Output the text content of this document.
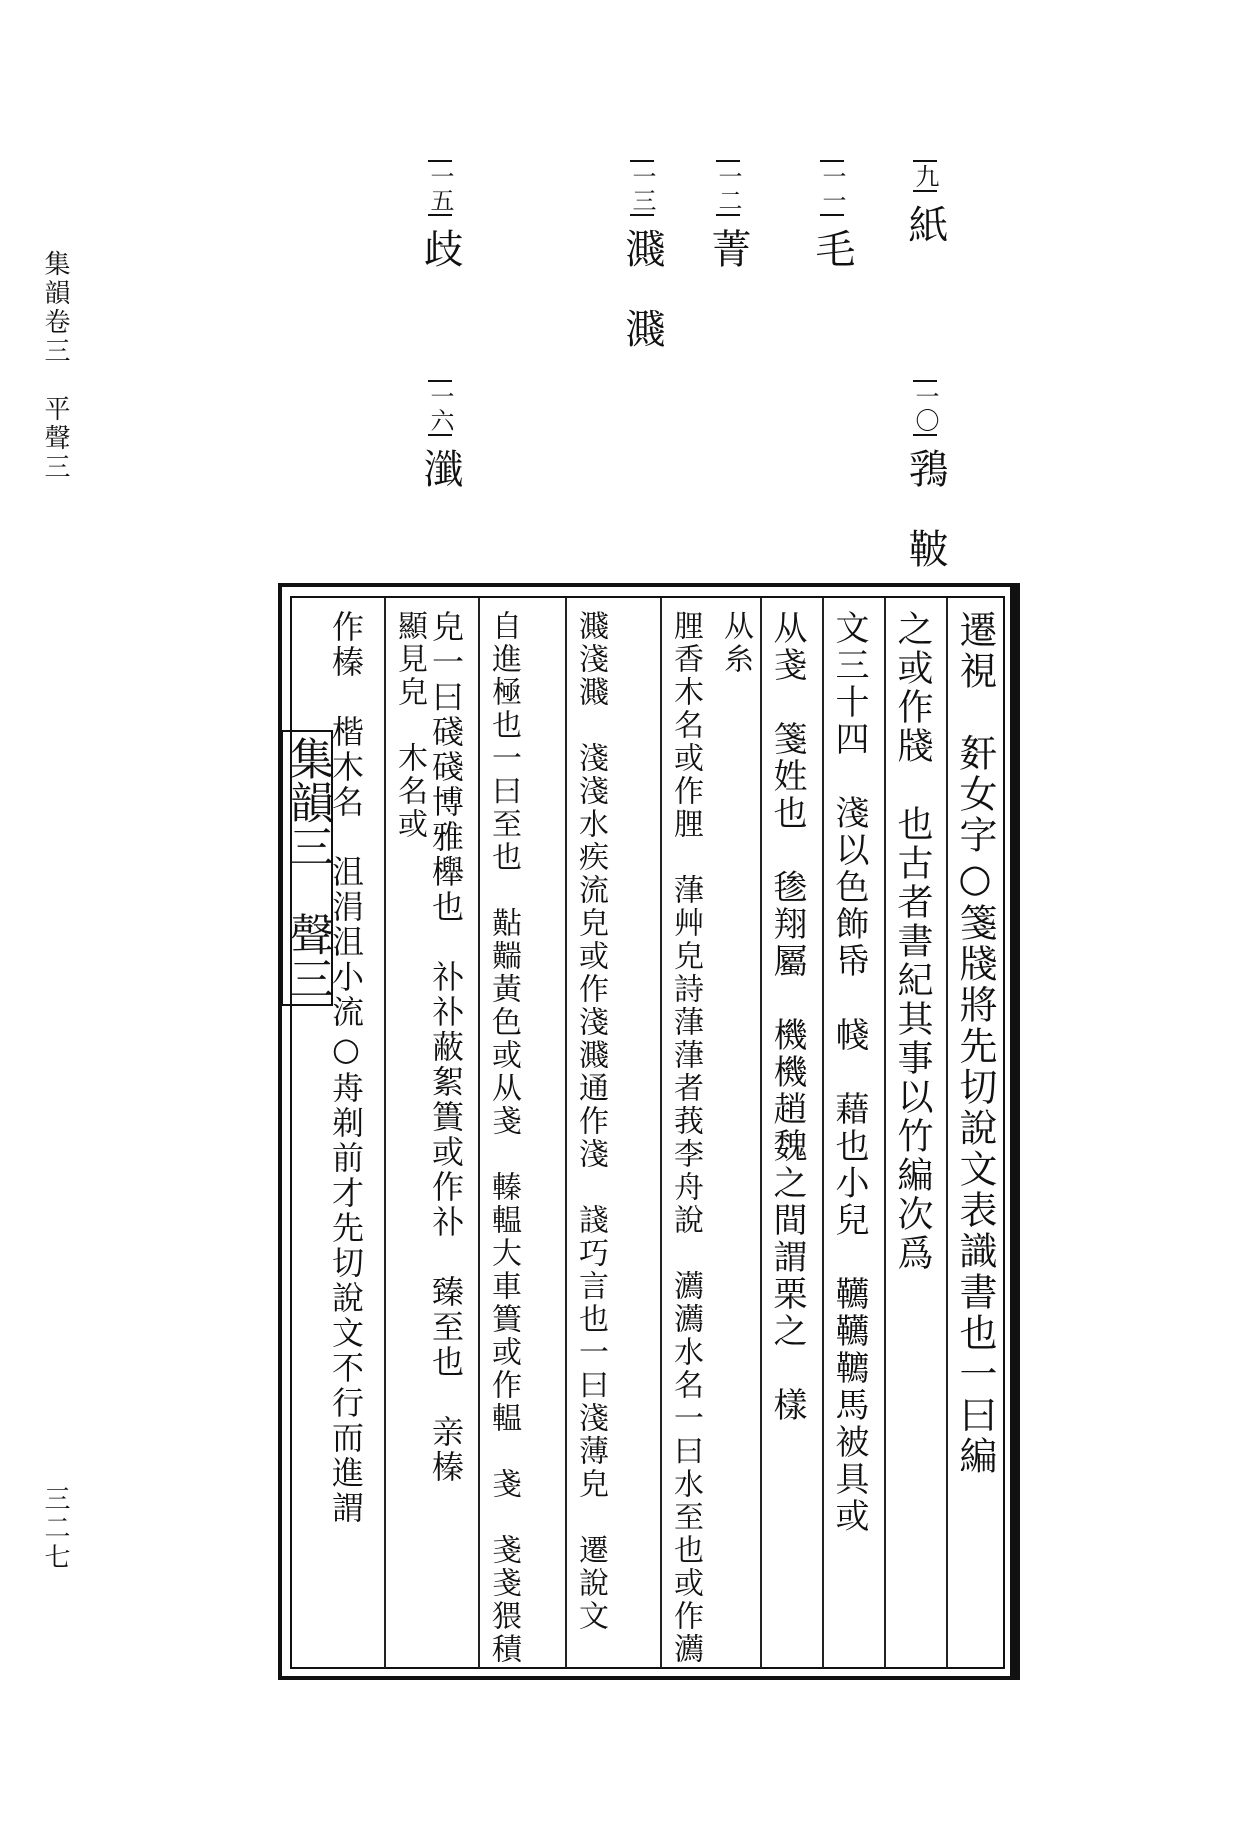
集韻卷三　平聲三
三二七
九紙
一〇䳕　鞁
一一毛
一二菁
一三濺　濺
一五歧
一六瀸
集韻三　聲三	遷視　姧女字○箋牋將先切說文表識書也一曰編
之或作牋　也古者書紀其事以竹編次爲
文三十四　淺以色飾帋　帴　藉也小兒　韉韉韀馬被具或
从戔　箋姓也　毶翔屬　機機趙魏之間謂栗之　樣
从糸
䤚香木名或作䤚　葏艸皃詩葏葏者莪李舟說　瀳瀳水名一曰水至也或作瀳
濺淺濺　淺淺水疾流皃或作淺濺通作淺　諓巧言也一曰淺薄皃　遷說文
自進極也一曰至也　黇䵎黃色或从戔　轃輼大車簣或作輼　戔　戔戔猥積
皃一曰碊碊博雅櫸也　䃼䃼蔽絮簣或作䃼　臻至也　亲榛
顯見皃　木名或
作榛　楷木名　沮涓沮小流○歬剃前才先切說文不行而進謂
